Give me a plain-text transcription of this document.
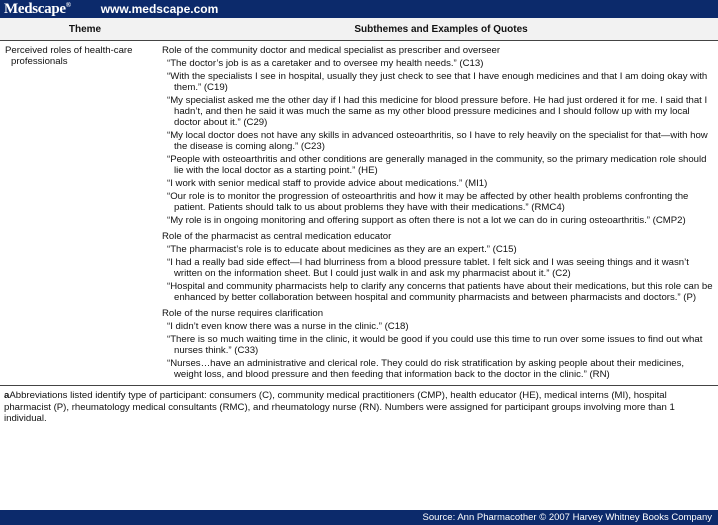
Medscape®	www.medscape.com
Theme	Subthemes and Examples of Quotes
Perceived roles of health-care professionals
Role of the community doctor and medical specialist as prescriber and overseer
“The doctor’s job is as a caretaker and to oversee my health needs.” (C13)
“With the specialists I see in hospital, usually they just check to see that I have enough medicines and that I am doing okay with them.” (C19)
“My specialist asked me the other day if I had this medicine for blood pressure before. He had just ordered it for me. I said that I hadn’t, and then he said it was much the same as my other blood pressure medicines and I should follow up with my local doctor about it.” (C29)
“My local doctor does not have any skills in advanced osteoarthritis, so I have to rely heavily on the specialist for that—with how the disease is coming along.” (C23)
“People with osteoarthritis and other conditions are generally managed in the community, so the primary medication role should lie with the local doctor as a starting point.” (HE)
“I work with senior medical staff to provide advice about medications.” (MI1)
“Our role is to monitor the progression of osteoarthritis and how it may be affected by other health problems confronting the patient. Patients should talk to us about problems they have with their medications.” (RMC4)
“My role is in ongoing monitoring and offering support as often there is not a lot we can do in curing osteoarthritis.” (CMP2)
Role of the pharmacist as central medication educator
“The pharmacist’s role is to educate about medicines as they are an expert.” (C15)
“I had a really bad side effect—I had blurriness from a blood pressure tablet. I felt sick and I was seeing things and it wasn’t written on the information sheet. But I could just walk in and ask my pharmacist about it.” (C2)
“Hospital and community pharmacists help to clarify any concerns that patients have about their medications, but this role can be enhanced by better collaboration between hospital and community pharmacists and between pharmacists and doctors.” (P)
Role of the nurse requires clarification
“I didn’t even know there was a nurse in the clinic.” (C18)
“There is so much waiting time in the clinic, it would be good if you could use this time to run over some issues to find out what nurses think.” (C33)
“Nurses…have an administrative and clerical role. They could do risk stratification by asking people about their medicines, weight loss, and blood pressure and then feeding that information back to the doctor in the clinic.” (RN)
aAbbreviations listed identify type of participant: consumers (C), community medical practitioners (CMP), health educator (HE), medical interns (MI), hospital pharmacist (P), rheumatology medical consultants (RMC), and rheumatology nurse (RN). Numbers were assigned for participant groups involving more than 1 individual.
Source: Ann Pharmacother © 2007 Harvey Whitney Books Company
